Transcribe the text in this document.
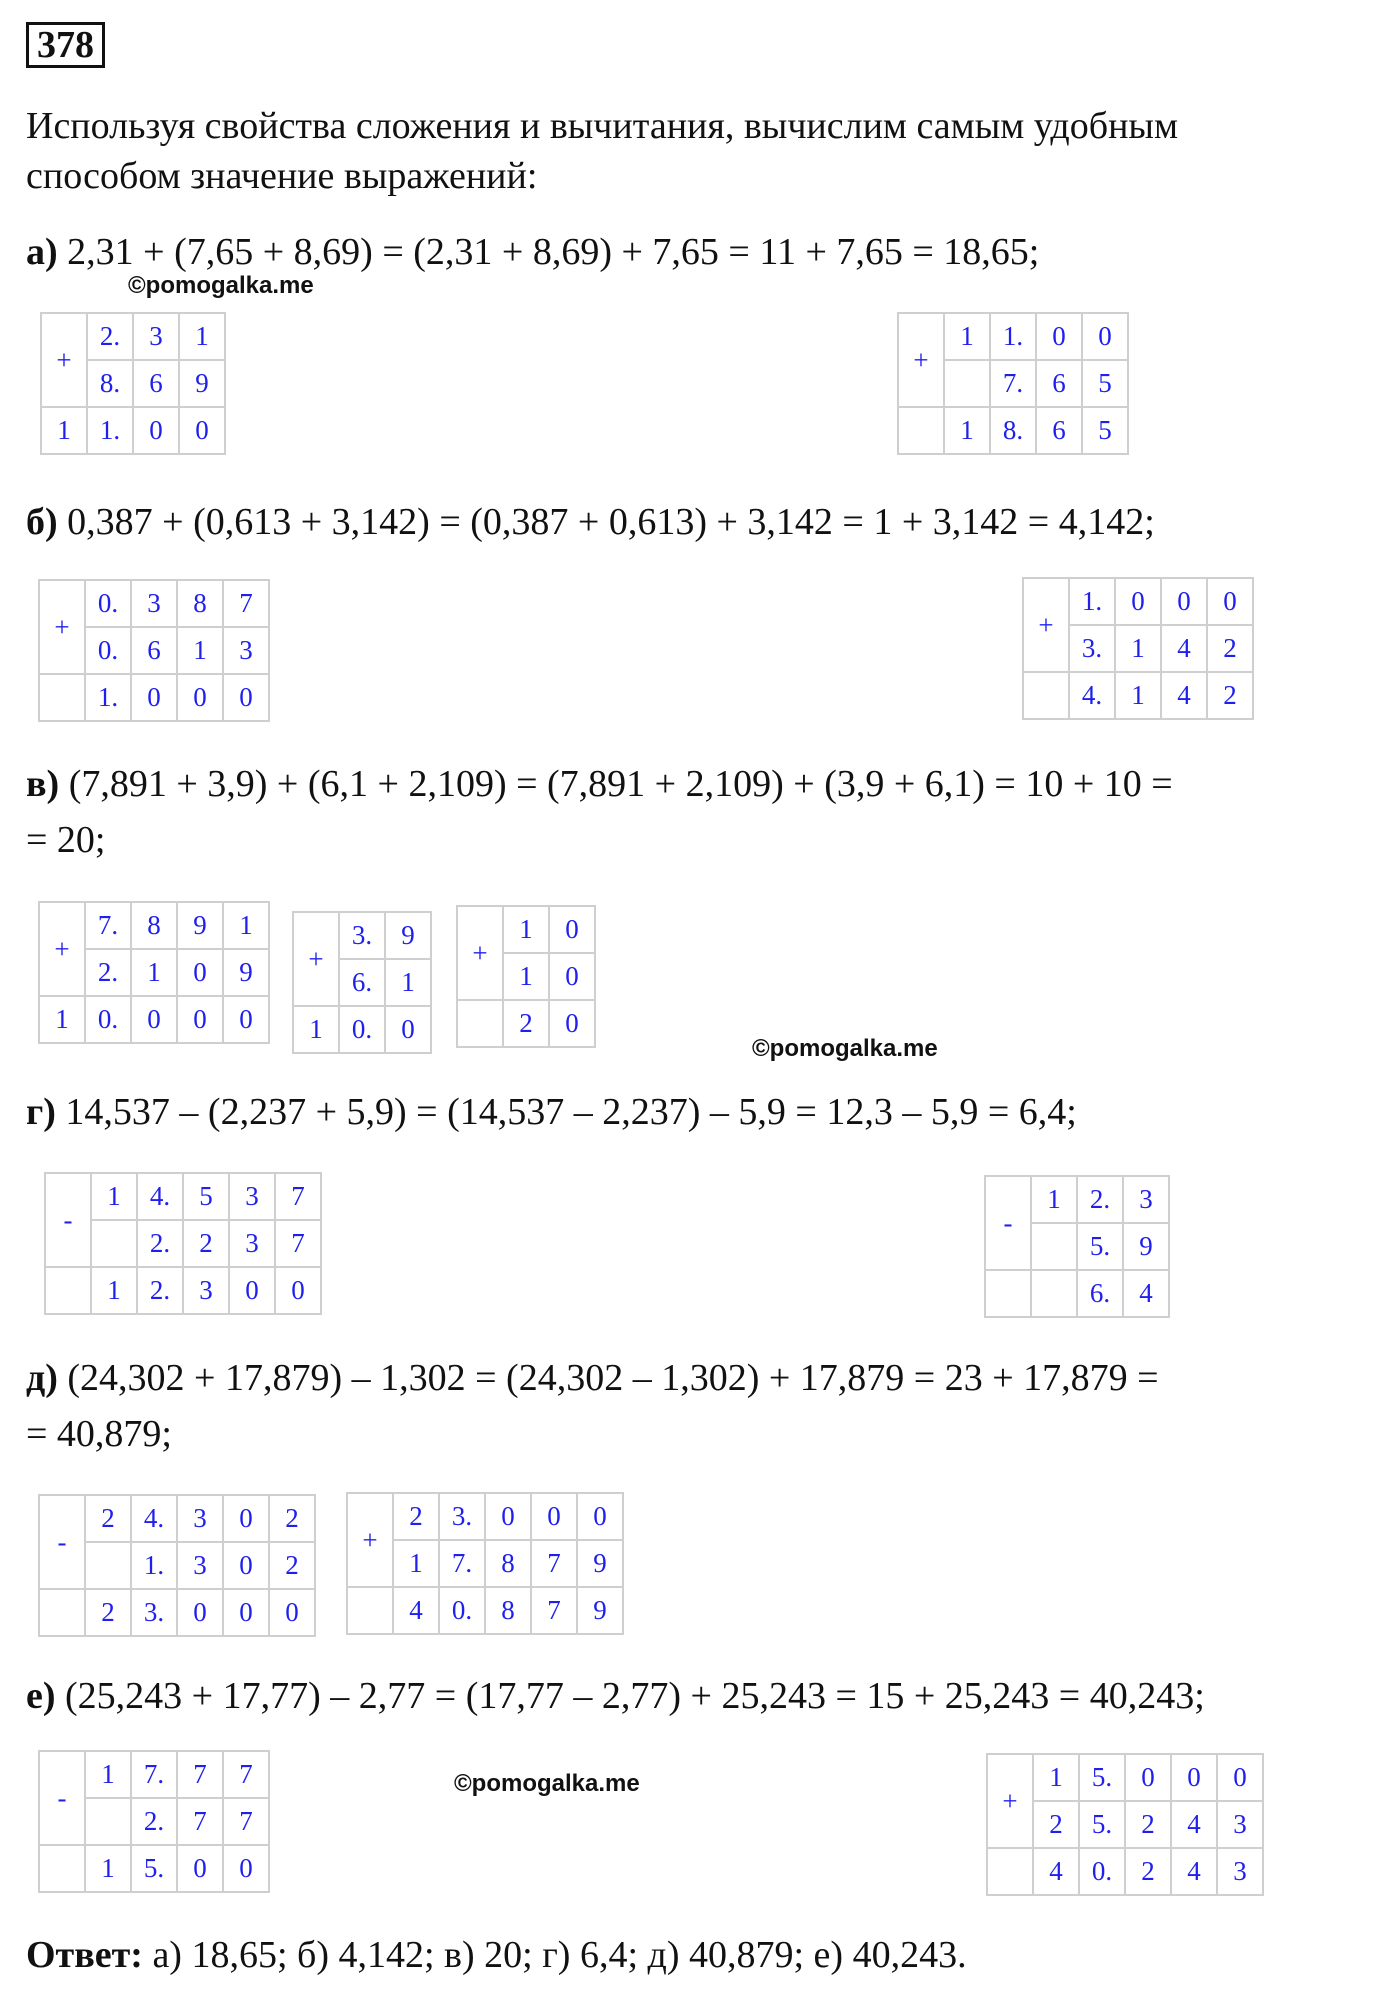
378
Используя свойства сложения и вычитания, вычислим самым удобным
способом значение выражений:
а) 2,31 + (7,65 + 8,69) = (2,31 + 8,69) + 7,65 = 11 + 7,65 = 18,65;
©pomogalka.me
+	2.	3	1
	8.	6	9
1	1.	0	0
+	1	1.	0	0
		7.	6	5
	1	8.	6	5
б) 0,387 + (0,613 + 3,142) = (0,387 + 0,613) + 3,142 = 1 + 3,142 = 4,142;
+	0.	3	8	7
	0.	6	1	3
	1.	0	0	0
+	1.	0	0	0
	3.	1	4	2
	4.	1	4	2
в) (7,891 + 3,9) + (6,1 + 2,109) = (7,891 + 2,109) + (3,9 + 6,1) = 10 + 10 =
= 20;
+	7.	8	9	1
	2.	1	0	9
1	0.	0	0	0
+	3.	9
	6.	1
1	0.	0
+	1	0
	1	0
	2	0
©pomogalka.me
г) 14,537 – (2,237 + 5,9) = (14,537 – 2,237) – 5,9 = 12,3 – 5,9 = 6,4;
-	1	4.	5	3	7
		2.	2	3	7
	1	2.	3	0	0
-	1	2.	3
		5.	9
		6.	4
д) (24,302 + 17,879) – 1,302 = (24,302 – 1,302) + 17,879 = 23 + 17,879 =
= 40,879;
-	2	4.	3	0	2
		1.	3	0	2
	2	3.	0	0	0
+	2	3.	0	0	0
	1	7.	8	7	9
	4	0.	8	7	9
е) (25,243 + 17,77) – 2,77 = (17,77 – 2,77) + 25,243 = 15 + 25,243 = 40,243;
-	1	7.	7	7
		2.	7	7
	1	5.	0	0
©pomogalka.me
+	1	5.	0	0	0
	2	5.	2	4	3
	4	0.	2	4	3
Ответ: а) 18,65; б) 4,142; в) 20; г) 6,4; д) 40,879; е) 40,243.
